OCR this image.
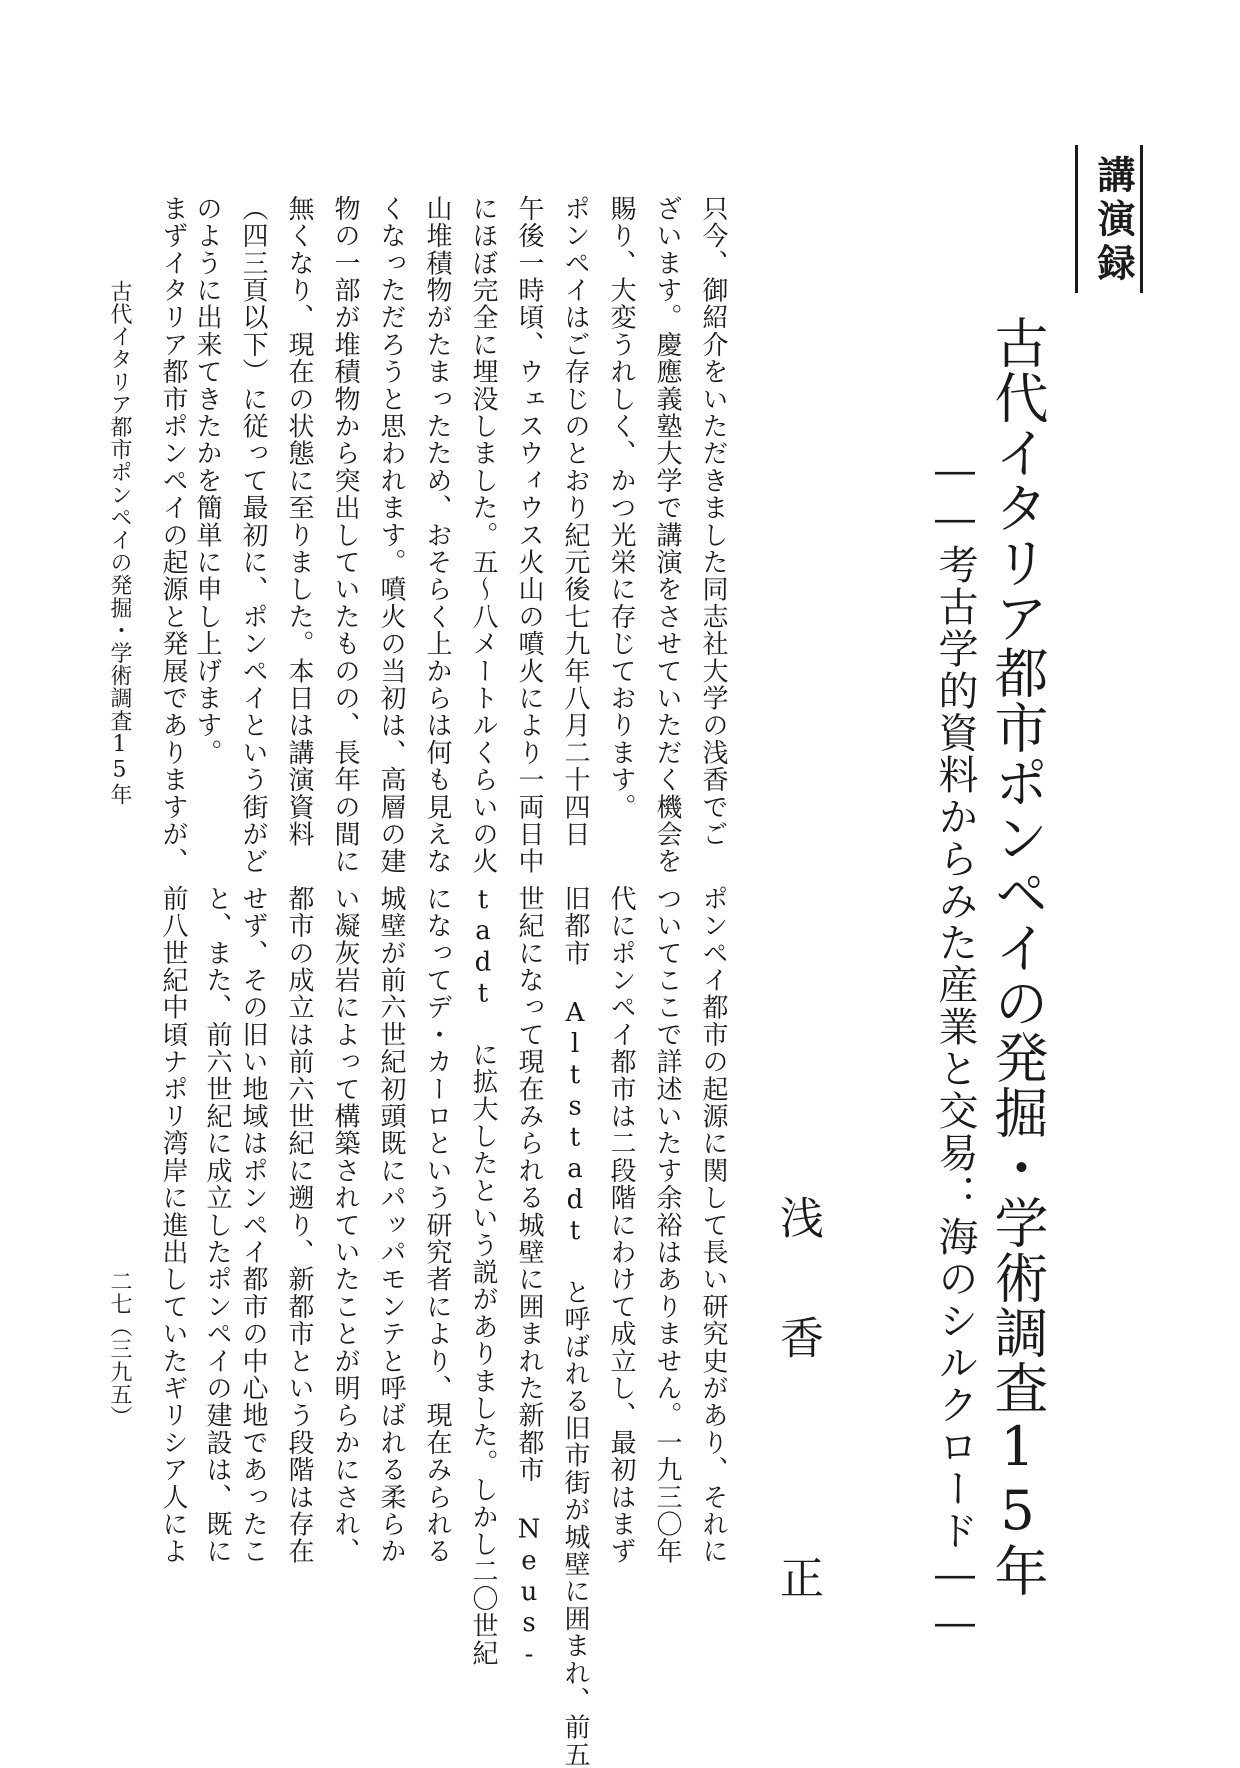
講演録
古代イタリア都市ポンペイの発掘・学術調査15年
――考古学的資料からみた産業と交易：海のシルクロード――
浅香　正
只今、御紹介をいただきました同志社大学の浅香でご
ざいます。慶應義塾大学で講演をさせていただく機会を
賜り、大変うれしく、かつ光栄に存じております。
ポンペイはご存じのとおり紀元後七九年八月二十四日
午後一時頃、ウェスウィウス火山の噴火により一両日中
にほぼ完全に埋没しました。五～八メートルくらいの火
山堆積物がたまったため、おそらく上からは何も見えな
くなっただろうと思われます。噴火の当初は、高層の建
物の一部が堆積物から突出していたものの、長年の間に
無くなり、現在の状態に至りました。本日は講演資料
（四三頁以下）に従って最初に、ポンペイという街がど
のように出来てきたかを簡単に申し上げます。
まずイタリア都市ポンペイの起源と発展でありますが、
ポンペイ都市の起源に関して長い研究史があり、それに
ついてここで詳述いたす余裕はありません。一九三〇年
代にポンペイ都市は二段階にわけて成立し、最初はまず
旧都市 Altstadt と呼ばれる旧市街が城壁に囲まれ、前五
世紀になって現在みられる城壁に囲まれた新都市 Neus-
tadt に拡大したという説がありました。しかし二〇世紀
になってデ・カーロという研究者により、現在みられる
城壁が前六世紀初頭既にパッパモンテと呼ばれる柔らか
い凝灰岩によって構築されていたことが明らかにされ、
都市の成立は前六世紀に遡り、新都市という段階は存在
せず、その旧い地域はポンペイ都市の中心地であったこ
と、また、前六世紀に成立したポンペイの建設は、既に
前八世紀中頃ナポリ湾岸に進出していたギリシア人によ
古代イタリア都市ポンペイの発掘・学術調査15年
二七（三九五）
